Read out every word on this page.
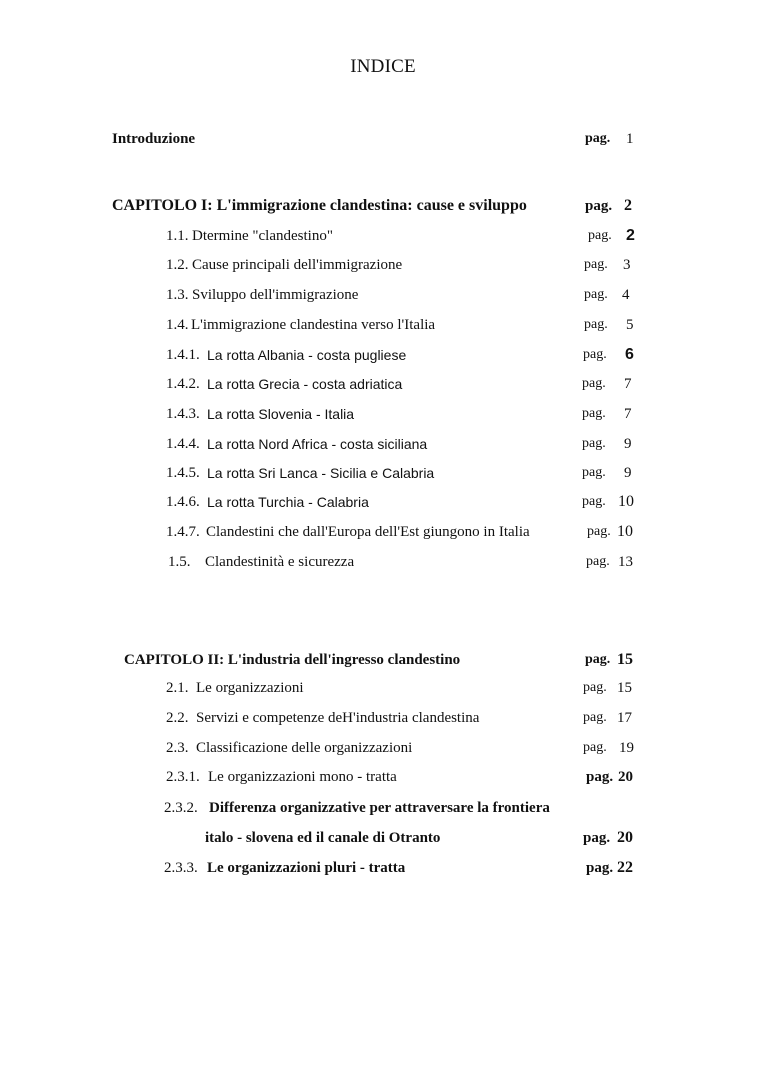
INDICE
Introduzione	pag. 1
CAPITOLO I: L'immigrazione clandestina: cause e sviluppo	pag. 2
1.1. Dtermine "clandestino"	pag. 2
1.2. Cause principali dell'immigrazione	pag. 3
1.3. Sviluppo dell'immigrazione	pag. 4
1.4. L'immigrazione clandestina verso l'Italia	pag. 5
1.4.1. La rotta Albania - costa pugliese	pag. 6
1.4.2. La rotta Grecia - costa adriatica	pag. 7
1.4.3. La rotta Slovenia - Italia	pag. 7
1.4.4. La rotta Nord Africa - costa siciliana	pag. 9
1.4.5. La rotta Sri Lanca - Sicilia e Calabria	pag. 9
1.4.6. La rotta Turchia - Calabria	pag. 10
1.4.7. Clandestini che dall'Europa dell'Est giungono in Italia	pag. 10
1.5. Clandestinità e sicurezza	pag. 13
CAPITOLO II: L'industria dell'ingresso clandestino	pag. 15
2.1. Le organizzazioni	pag. 15
2.2. Servizi e competenze deH'industria clandestina	pag. 17
2.3. Classificazione delle organizzazioni	pag. 19
2.3.1. Le organizzazioni mono - tratta	pag. 20
2.3.2. Differenza organizzative per attraversare la frontiera
italo - slovena ed il canale di Otranto	pag. 20
2.3.3. Le organizzazioni pluri - tratta	pag. 22
